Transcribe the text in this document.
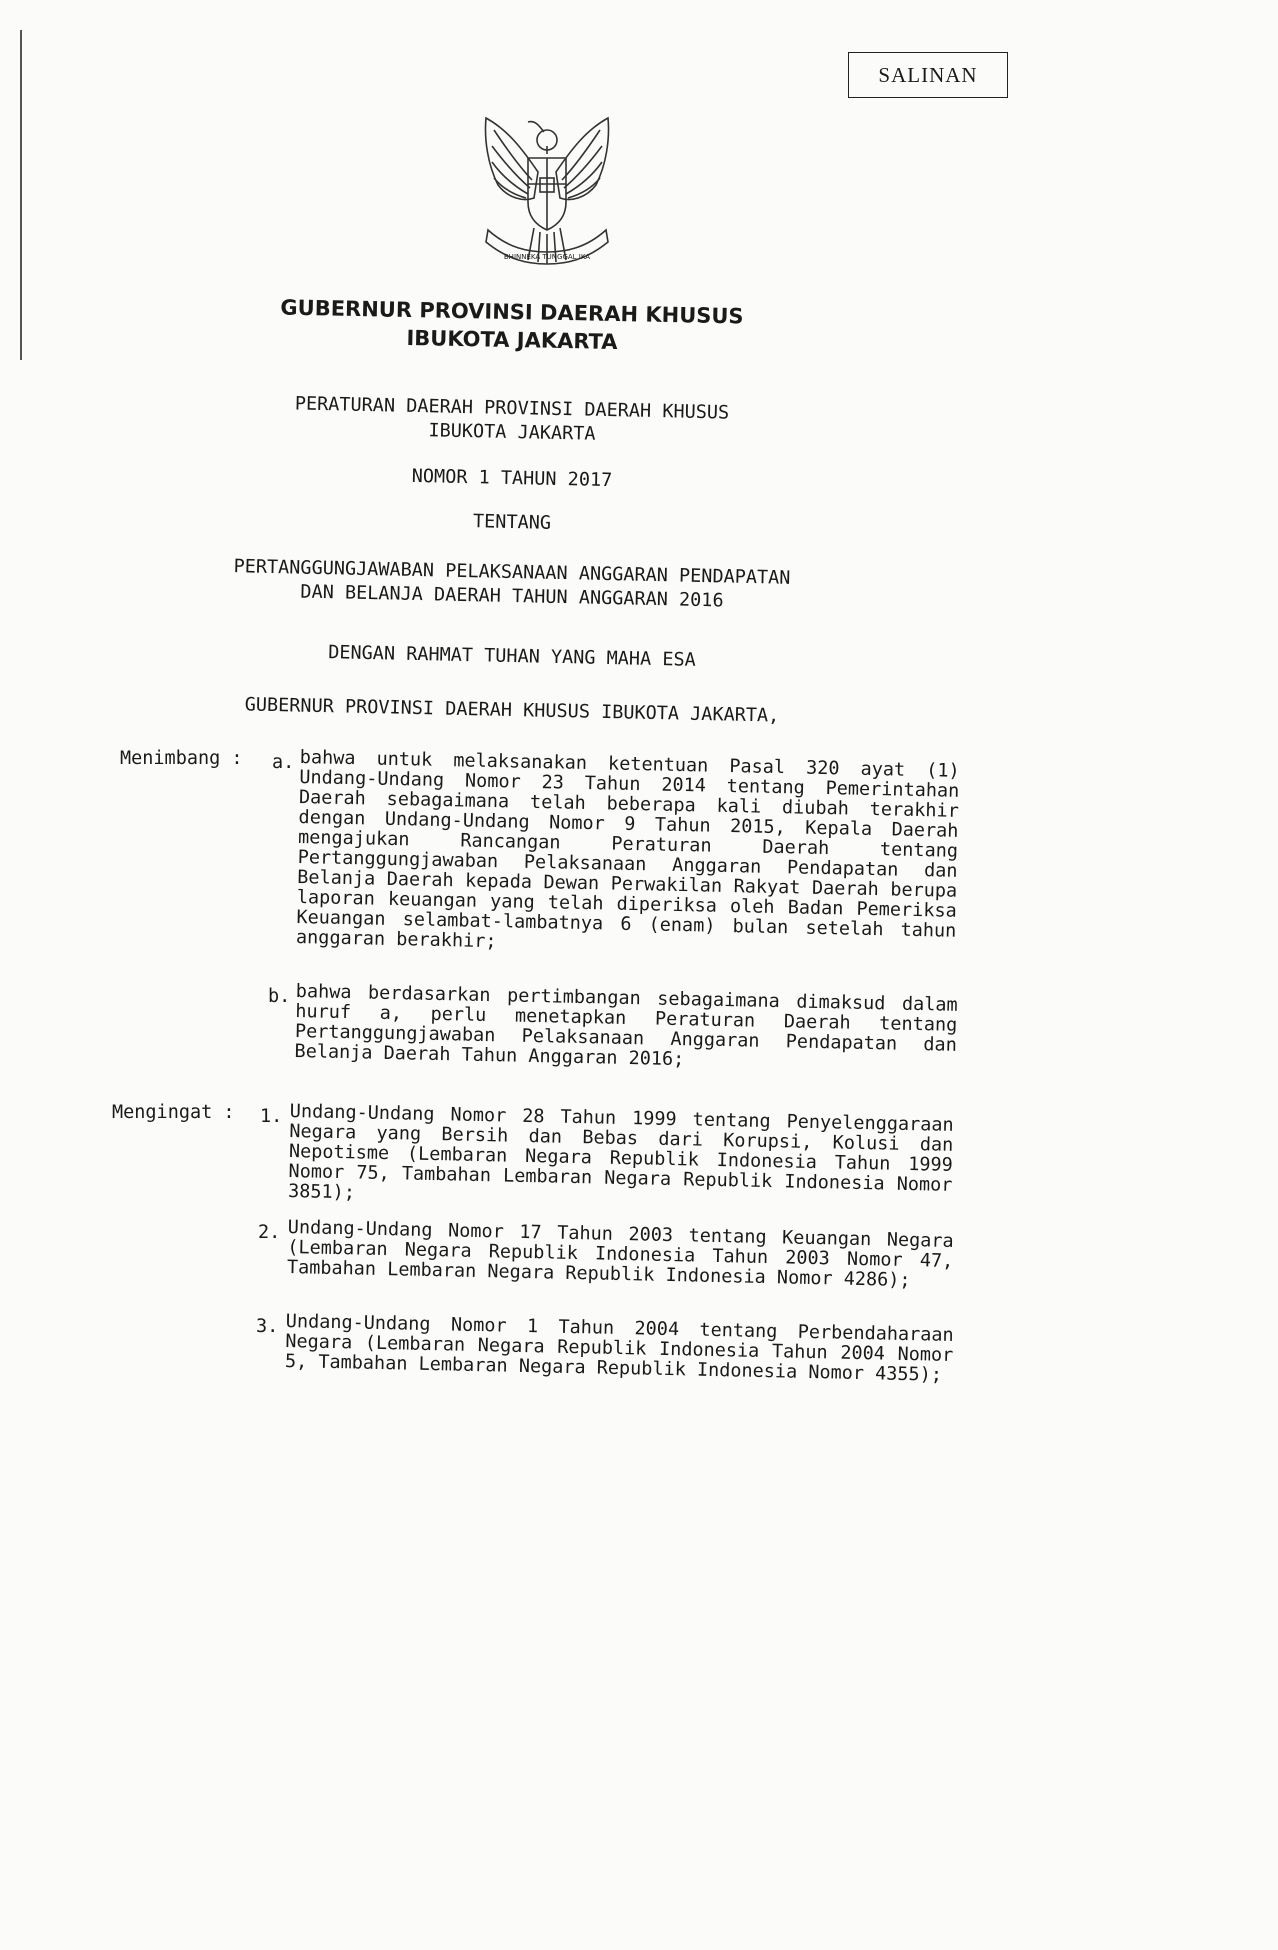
SALINAN
BHINNEKA TUNGGAL IKA
GUBERNUR PROVINSI DAERAH KHUSUS
IBUKOTA JAKARTA
PERATURAN DAERAH PROVINSI DAERAH KHUSUS
IBUKOTA JAKARTA
NOMOR 1 TAHUN 2017
TENTANG
PERTANGGUNGJAWABAN PELAKSANAAN ANGGARAN PENDAPATAN
DAN BELANJA DAERAH TAHUN ANGGARAN 2016
DENGAN RAHMAT TUHAN YANG MAHA ESA
GUBERNUR PROVINSI DAERAH KHUSUS IBUKOTA JAKARTA,
Menimbang : a. bahwa untuk melaksanakan ketentuan Pasal 320 ayat (1) Undang-Undang Nomor 23 Tahun 2014 tentang Pemerintahan Daerah sebagaimana telah beberapa kali diubah terakhir dengan Undang-Undang Nomor 9 Tahun 2015, Kepala Daerah mengajukan Rancangan Peraturan Daerah tentang Pertanggungjawaban Pelaksanaan Anggaran Pendapatan dan Belanja Daerah kepada Dewan Perwakilan Rakyat Daerah berupa laporan keuangan yang telah diperiksa oleh Badan Pemeriksa Keuangan selambat-lambatnya 6 (enam) bulan setelah tahun anggaran berakhir;
b. bahwa berdasarkan pertimbangan sebagaimana dimaksud dalam huruf a, perlu menetapkan Peraturan Daerah tentang Pertanggungjawaban Pelaksanaan Anggaran Pendapatan dan Belanja Daerah Tahun Anggaran 2016;
Mengingat : 1. Undang-Undang Nomor 28 Tahun 1999 tentang Penyelenggaraan Negara yang Bersih dan Bebas dari Korupsi, Kolusi dan Nepotisme (Lembaran Negara Republik Indonesia Tahun 1999 Nomor 75, Tambahan Lembaran Negara Republik Indonesia Nomor 3851);
2. Undang-Undang Nomor 17 Tahun 2003 tentang Keuangan Negara (Lembaran Negara Republik Indonesia Tahun 2003 Nomor 47, Tambahan Lembaran Negara Republik Indonesia Nomor 4286);
3. Undang-Undang Nomor 1 Tahun 2004 tentang Perbendaharaan Negara (Lembaran Negara Republik Indonesia Tahun 2004 Nomor 5, Tambahan Lembaran Negara Republik Indonesia Nomor 4355);
